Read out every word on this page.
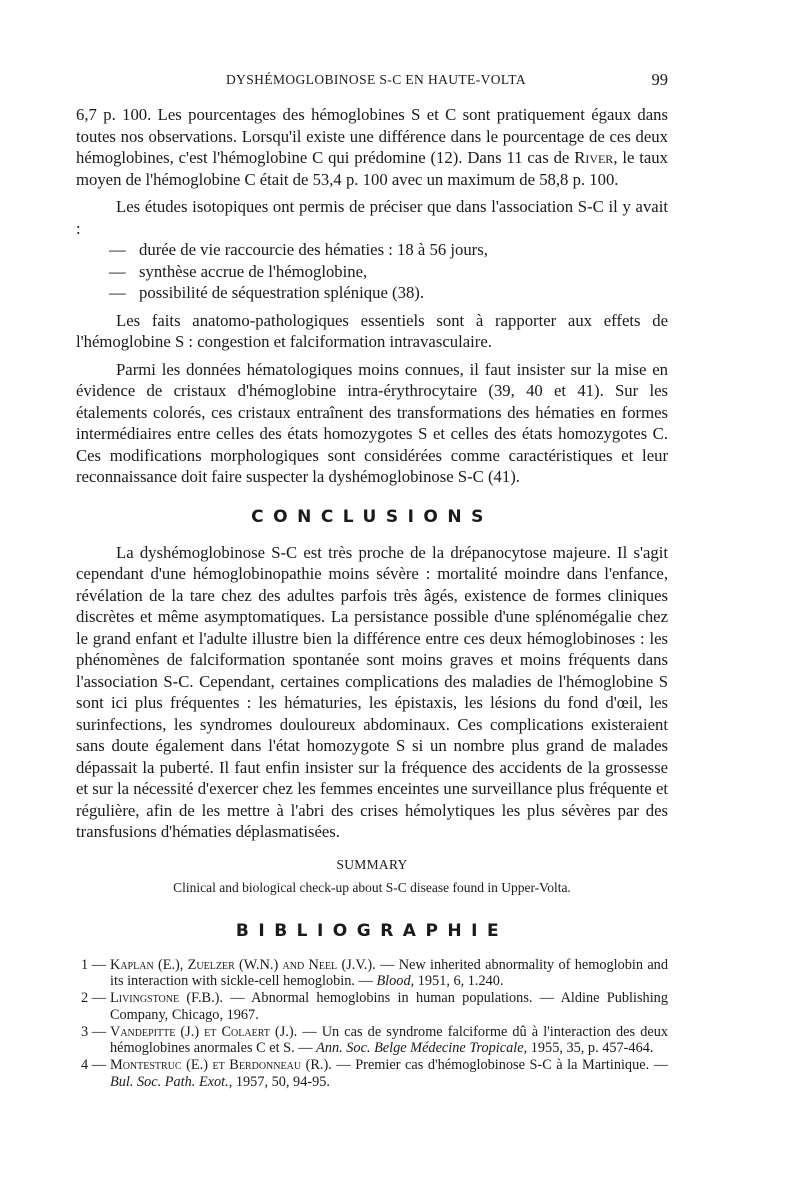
DYSHÉMOGLOBINOSE S-C EN HAUTE-VOLTA	99

6,7 p. 100. Les pourcentages des hémoglobines S et C sont pratiquement égaux dans toutes nos observations. Lorsqu'il existe une différence dans le pourcentage de ces deux hémoglobines, c'est l'hémoglobine C qui prédomine (12). Dans 11 cas de River, le taux moyen de l'hémoglobine C était de 53,4 p. 100 avec un maximum de 58,8 p. 100.

Les études isotopiques ont permis de préciser que dans l'association S-C il y avait :

— durée de vie raccourcie des hématies : 18 à 56 jours,
— synthèse accrue de l'hémoglobine,
— possibilité de séquestration splénique (38).

Les faits anatomo-pathologiques essentiels sont à rapporter aux effets de l'hémoglobine S : congestion et falciformation intravasculaire.

Parmi les données hématologiques moins connues, il faut insister sur la mise en évidence de cristaux d'hémoglobine intra-érythrocytaire (39, 40 et 41). Sur les étalements colorés, ces cristaux entraînent des transformations des hématies en formes intermédiaires entre celles des états homozygotes S et celles des états homozygotes C. Ces modifications morphologiques sont considérées comme caractéristiques et leur reconnaissance doit faire suspecter la dyshémoglobinose S-C (41).

CONCLUSIONS

La dyshémoglobinose S-C est très proche de la drépanocytose majeure. Il s'agit cependant d'une hémoglobinopathie moins sévère : mortalité moindre dans l'enfance, révélation de la tare chez des adultes parfois très âgés, existence de formes cliniques discrètes et même asymptomatiques. La persistance possible d'une splénomégalie chez le grand enfant et l'adulte illustre bien la différence entre ces deux hémoglobinoses : les phénomènes de falciformation spontanée sont moins graves et moins fréquents dans l'association S-C. Cependant, certaines complications des maladies de l'hémoglobine S sont ici plus fréquentes : les hématuries, les épistaxis, les lésions du fond d'œil, les surinfections, les syndromes douloureux abdominaux. Ces complications existeraient sans doute également dans l'état homozygote S si un nombre plus grand de malades dépassait la puberté. Il faut enfin insister sur la fréquence des accidents de la grossesse et sur la nécessité d'exercer chez les femmes enceintes une surveillance plus fréquente et régulière, afin de les mettre à l'abri des crises hémolytiques les plus sévères par des transfusions d'hématies déplasmatisées.

SUMMARY
Clinical and biological check-up about S-C disease found in Upper-Volta.
BIBLIOGRAPHIE
1 — Kaplan (E.), Zuelzer (W.N.) and Neel (J.V.). — New inherited abnormality of hemoglobin and its interaction with sickle-cell hemoglobin. — Blood, 1951, 6, 1.240.
2 — Livingstone (F.B.). — Abnormal hemoglobins in human populations. — Aldine Publishing Company, Chicago, 1967.
3 — Vandepitte (J.) et Colaert (J.). — Un cas de syndrome falciforme dû à l'interaction des deux hémoglobines anormales C et S. — Ann. Soc. Belge Médecine Tropicale, 1955, 35, p. 457-464.
4 — Montestruc (E.) et Berdonneau (R.). — Premier cas d'hémoglobinose S-C à la Martinique. — Bul. Soc. Path. Exot., 1957, 50, 94-95.
